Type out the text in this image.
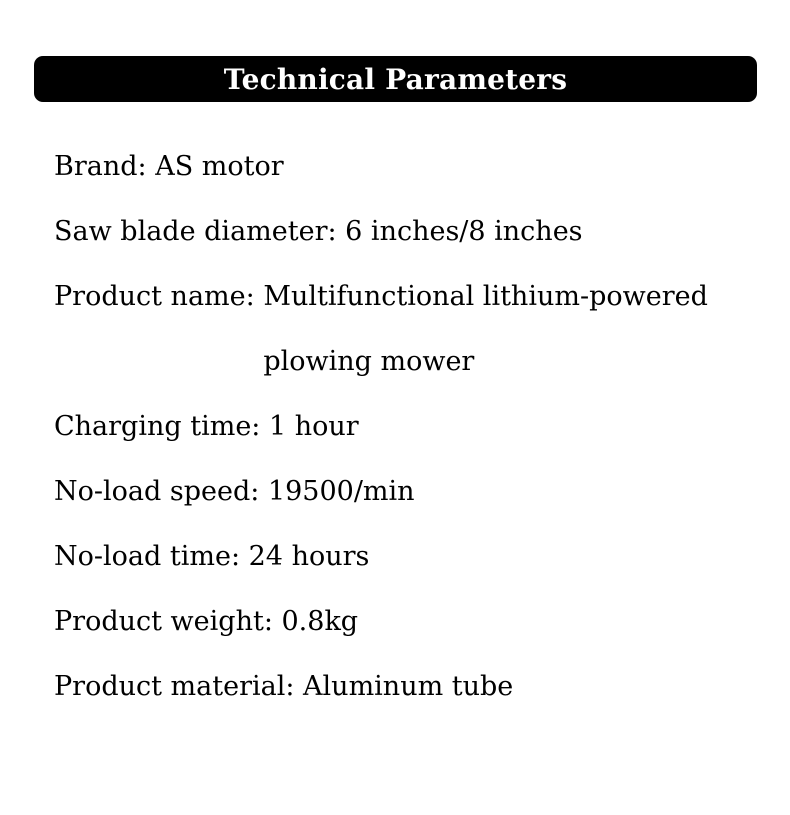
Technical Parameters
Brand : AS motor
Saw blade diameter : 6 inches/8 inches
Product name : Multifunctional lithium-powered plowing mower
Charging time : 1 hour
No-load speed : 19500/min
No-load time : 24 hours
Product weight : 0.8kg
Product material : Aluminum tube
